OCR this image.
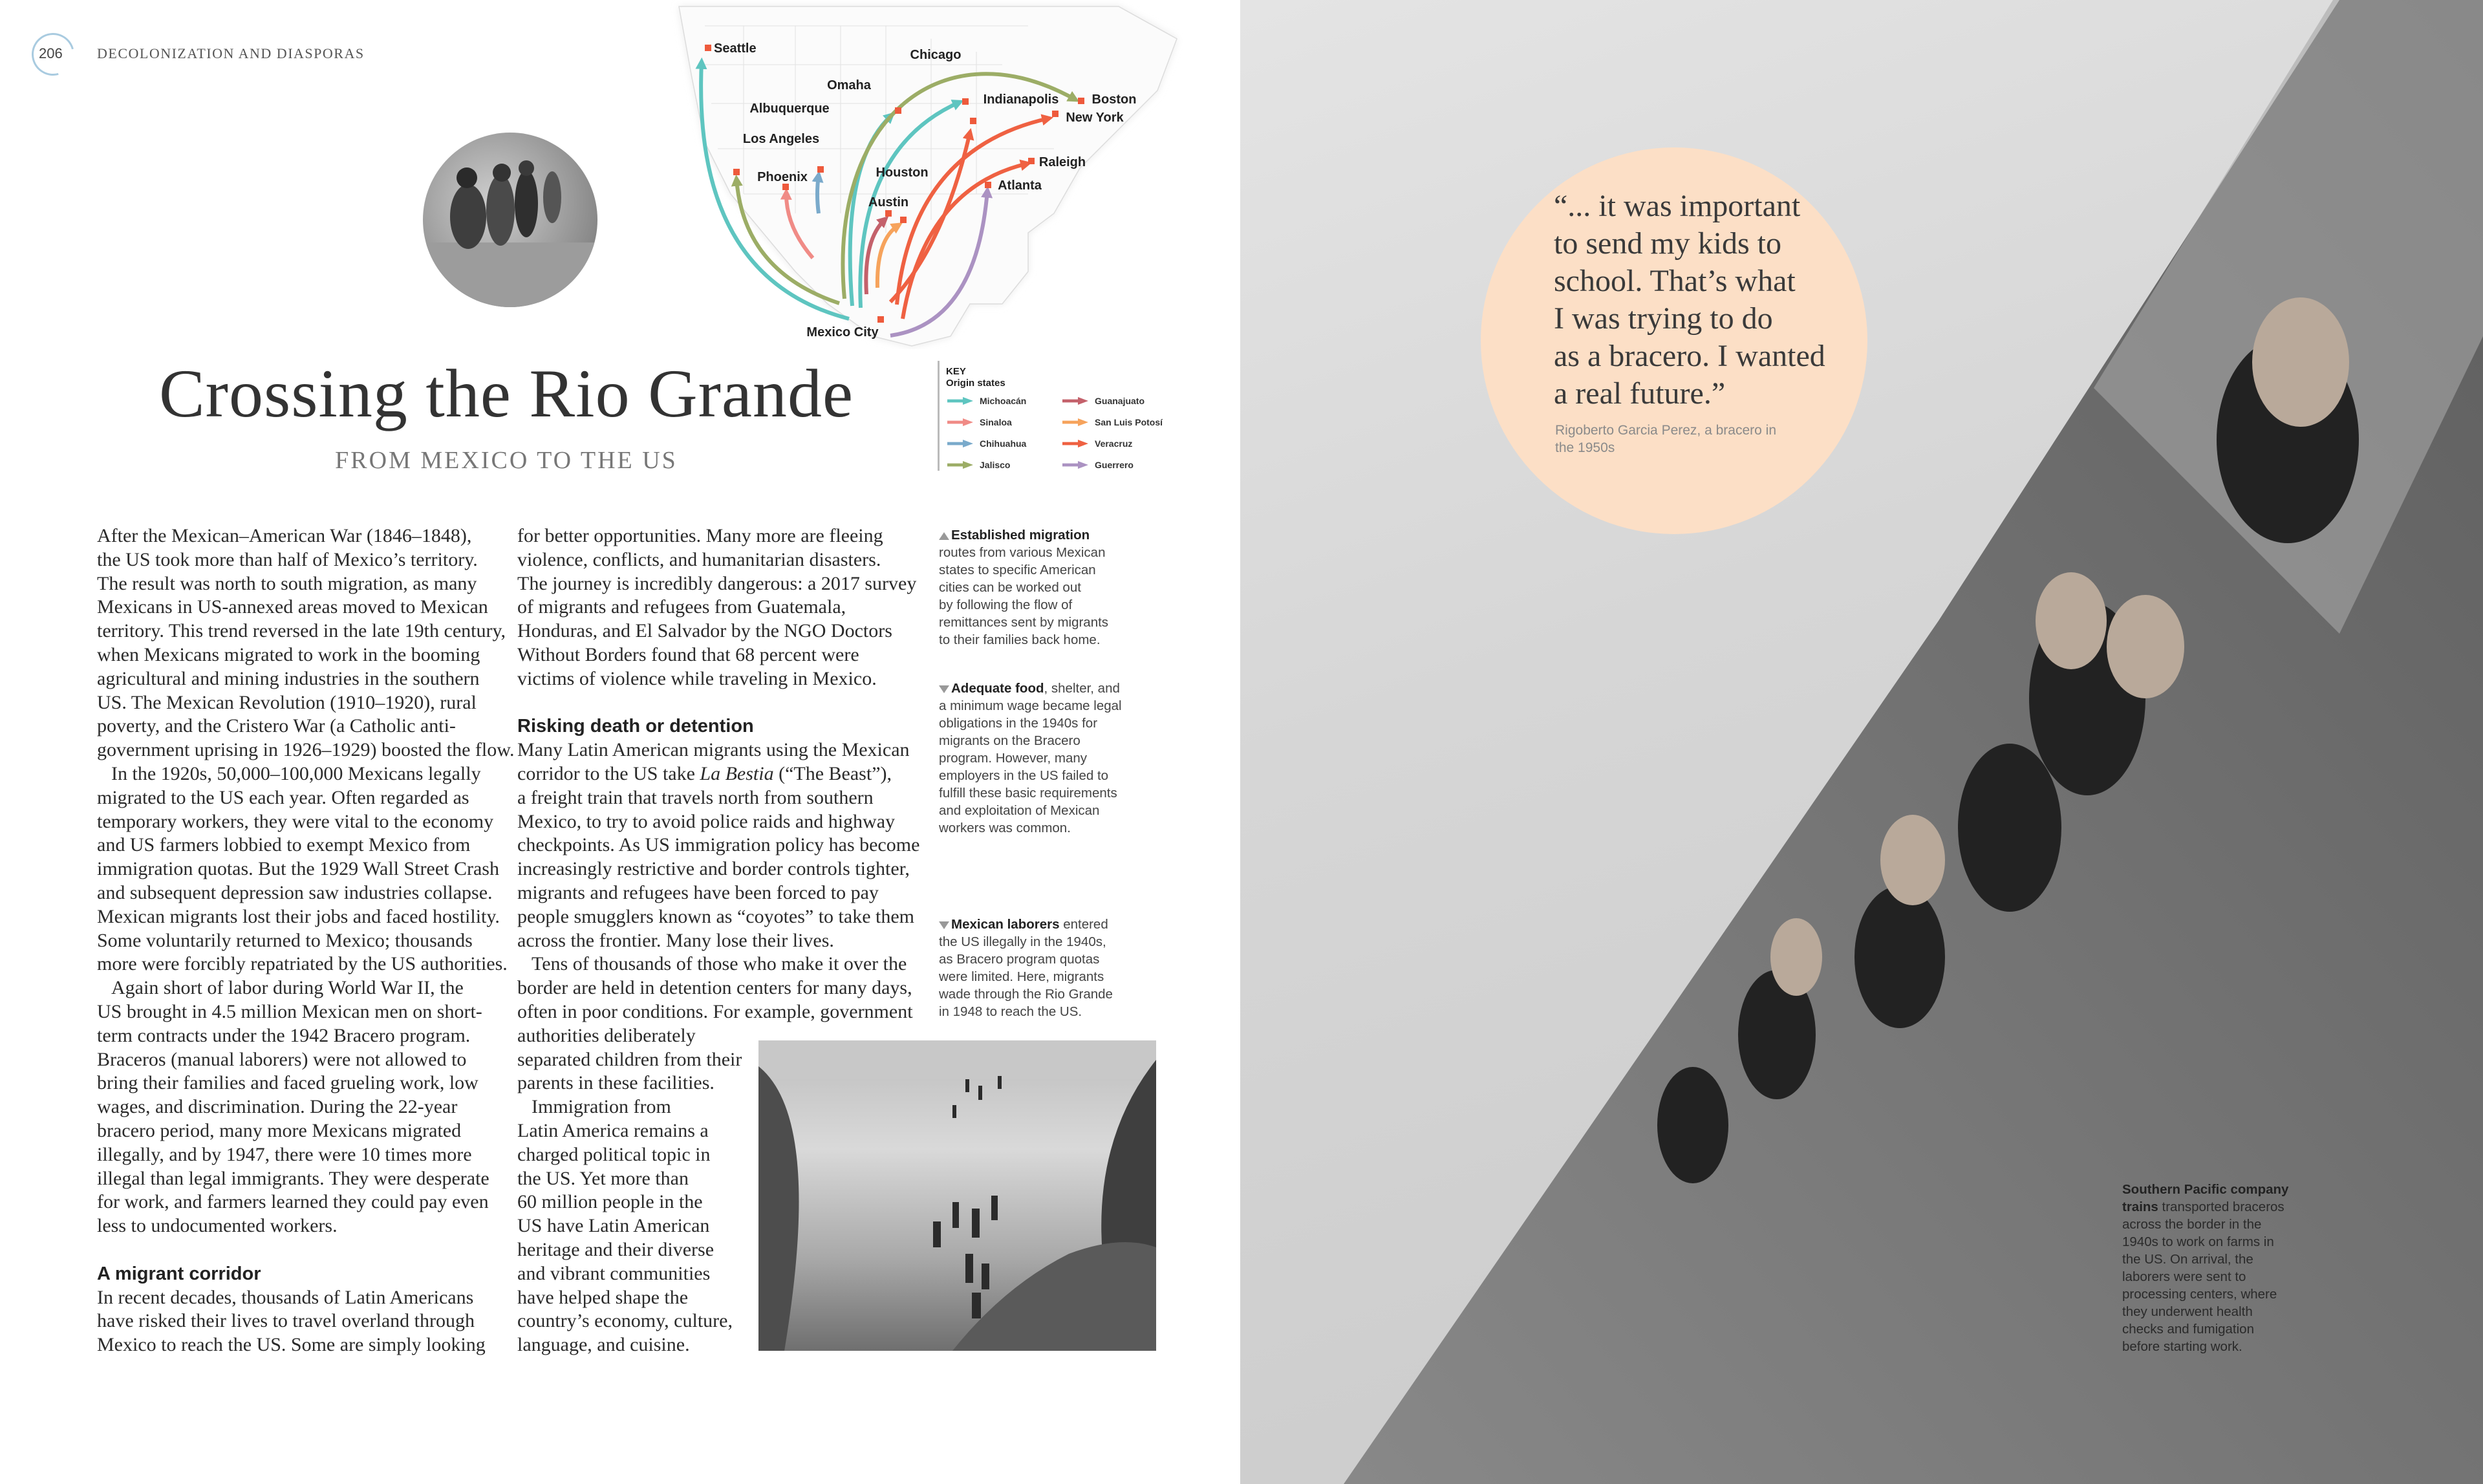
206 DECOLONIZATION AND DIASPORAS	Seattle	Chicago
Omaha
Albuquerque
Los Angeles
Phoenix
Indianapolis	Boston
New York
Raleigh
Houston
Austin
Atlanta
Mexico City
KEY
Origin states
Michoacán
Sinaloa
Chihuahua
Jalisco
Guanajuato
San Luis Potosí
Veracruz
Guerrero
Crossing the Rio Grande
FROM MEXICO TO THE US
After the Mexican–American War (1846–1848),
the US took more than half of Mexico’s territory.
The result was north to south migration, as many
Mexicans in US-annexed areas moved to Mexican
territory. This trend reversed in the late 19th century,
when Mexicans migrated to work in the booming
agricultural and mining industries in the southern
US. The Mexican Revolution (1910–1920), rural
poverty, and the Cristero War (a Catholic anti-
government uprising in 1926–1929) boosted the flow.
In the 1920s, 50,000–100,000 Mexicans legally
migrated to the US each year. Often regarded as
temporary workers, they were vital to the economy
and US farmers lobbied to exempt Mexico from
immigration quotas. But the 1929 Wall Street Crash
and subsequent depression saw industries collapse.
Mexican migrants lost their jobs and faced hostility.
Some voluntarily returned to Mexico; thousands
more were forcibly repatriated by the US authorities.
Again short of labor during World War II, the
US brought in 4.5 million Mexican men on short-
term contracts under the 1942 Bracero program.
Braceros (manual laborers) were not allowed to
bring their families and faced grueling work, low
wages, and discrimination. During the 22-year
bracero period, many more Mexicans migrated
illegally, and by 1947, there were 10 times more
illegal than legal immigrants. They were desperate
for work, and farmers learned they could pay even
less to undocumented workers.
A migrant corridor
In recent decades, thousands of Latin Americans
have risked their lives to travel overland through
Mexico to reach the US. Some are simply looking
for better opportunities. Many more are fleeing
violence, conflicts, and humanitarian disasters.
The journey is incredibly dangerous: a 2017 survey
of migrants and refugees from Guatemala,
Honduras, and El Salvador by the NGO Doctors
Without Borders found that 68 percent were
victims of violence while traveling in Mexico.
Risking death or detention
Many Latin American migrants using the Mexican
corridor to the US take La Bestia (“The Beast”),
a freight train that travels north from southern
Mexico, to try to avoid police raids and highway
checkpoints. As US immigration policy has become
increasingly restrictive and border controls tighter,
migrants and refugees have been forced to pay
people smugglers known as “coyotes” to take them
across the frontier. Many lose their lives.
Tens of thousands of those who make it over the
border are held in detention centers for many days,
often in poor conditions. For example, government
authorities deliberately
separated children from their
parents in these facilities.
Immigration from
Latin America remains a
charged political topic in
the US. Yet more than
60 million people in the
US have Latin American
heritage and their diverse
and vibrant communities
have helped shape the
country’s economy, culture,
language, and cuisine.
Established migration
routes from various Mexican
states to specific American
cities can be worked out
by following the flow of
remittances sent by migrants
to their families back home.
Adequate food, shelter, and
a minimum wage became legal
obligations in the 1940s for
migrants on the Bracero
program. However, many
employers in the US failed to
fulfill these basic requirements
and exploitation of Mexican
workers was common.
Mexican laborers entered
the US illegally in the 1940s,
as Bracero program quotas
were limited. Here, migrants
wade through the Rio Grande
in 1948 to reach the US.
“... it was important
to send my kids to
school. That’s what
I was trying to do
as a bracero. I wanted
a real future.”
Rigoberto Garcia Perez, a bracero in
the 1950s
Southern Pacific company
trains transported braceros
across the border in the
1940s to work on farms in
the US. On arrival, the
laborers were sent to
processing centers, where
they underwent health
checks and fumigation
before starting work.
